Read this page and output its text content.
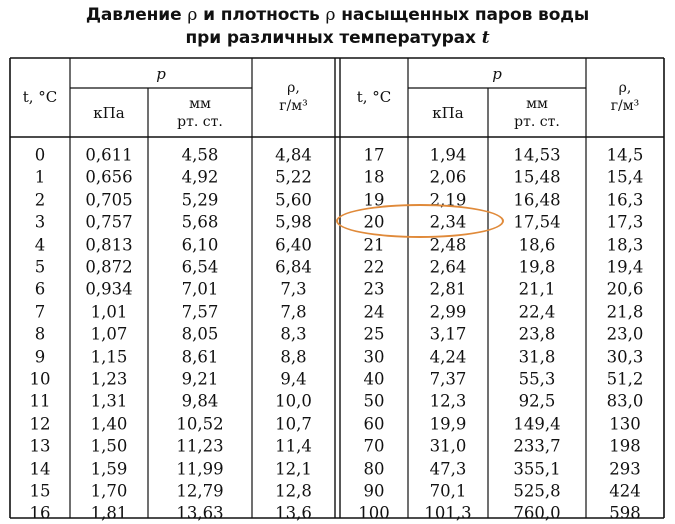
Давление ρ и плотность ρ насыщенных паров воды
при различных температурах t
t, °C
p
кПа	мм
рт. ст.
ρ,
г/м³
0 0,611	4,58	4,84
1 0,656	4,92	5,22
2 0,705	5,29	5,60
3 0,757	5,68	5,98
4 0,813	6,10	6,40
5 0,872	6,54	6,84
6 0,934	7,01	7,3
7	1,01	7,57	7,8
8	1,07	8,05	8,3
9	1,15	8,61	8,8
10 1,23	9,21	9,4
11 1,31	9,84	10,0
12 1,40	10,52	10,7
13 1,50	11,23	11,4
14 1,59	11,99	12,1
15 1,70	12,79	12,8
16 1,81	13,63	13,6
t, °C
p
кПа	мм
рт. ст.
ρ,
г/м³
17	1,94	14,53	14,5
18	2,06	15,48	15,4
19	2,19	16,48	16,3
20	2,34	17,54	17,3
21	2,48	18,6	18,3
22	2,64	19,8	19,4
23	2,81	21,1	20,6
24	2,99	22,4	21,8
25	3,17	23,8	23,0
30	4,24	31,8	30,3
40	7,37	55,3	51,2
50	12,3	92,5	83,0
60	19,9	149,4	130
70	31,0	233,7	198
80	47,3	355,1	293
90	70,1	525,8	424
100 101,3	760,0	598
